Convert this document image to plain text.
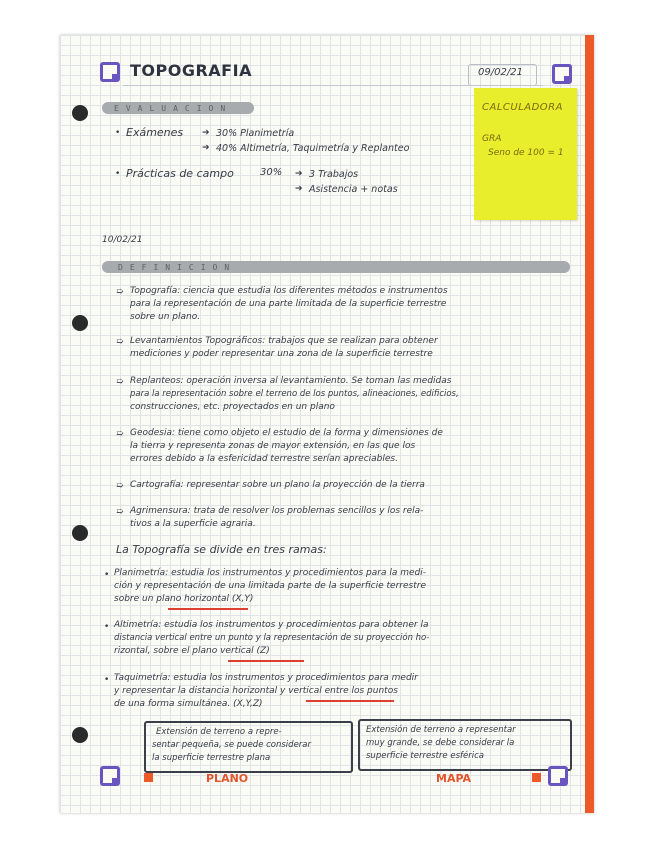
TOPOGRAFIA	09/02/21
EVALUACION
• Exámenes ➔ 30% Planimetría
➔ 40% Altimetría, Taquimetría y Replanteo
• Prácticas de campo	30% ➔ 3 Trabajos
➔ Asistencia + notas
CALCULADORA
GRA
Seno de 100 = 1
10/02/21
DEFINICION
➯ Topografía: ciencia que estudia los diferentes métodos e instrumentos
para la representación de una parte limitada de la superficie terrestre
sobre un plano.
➯ Levantamientos Topográficos: trabajos que se realizan para obtener
mediciones y poder representar una zona de la superficie terrestre
➯ Replanteos: operación inversa al levantamiento. Se toman las medidas
para la representación sobre el terreno de los puntos, alineaciones, edificios,
construcciones, etc. proyectados en un plano
➯ Geodesia: tiene como objeto el estudio de la forma y dimensiones de
la tierra y representa zonas de mayor extensión, en las que los
errores debido a la esfericidad terrestre serían apreciables.
➯ Cartografía: representar sobre un plano la proyección de la tierra
➯ Agrimensura: trata de resolver los problemas sencillos y los rela-
tivos a la superficie agraria.
La Topografía se divide en tres ramas:
• Planimetría: estudia los instrumentos y procedimientos para la medi-
ción y representación de una limitada parte de la superficie terrestre
sobre un plano horizontal (X,Y)
• Altimetría: estudia los instrumentos y procedimientos para obtener la
distancia vertical entre un punto y la representación de su proyección ho-
rizontal, sobre el plano vertical (Z)
• Taquimetría: estudia los instrumentos y procedimientos para medir
y representar la distancia horizontal y vertical entre los puntos
de una forma simultánea. (X,Y,Z)
Extensión de terreno a repre-
sentar pequeña, se puede considerar
la superficie terrestre plana
Extensión de terreno a representar
muy grande, se debe considerar la
superficie terrestre esférica
PLANO	MAPA
